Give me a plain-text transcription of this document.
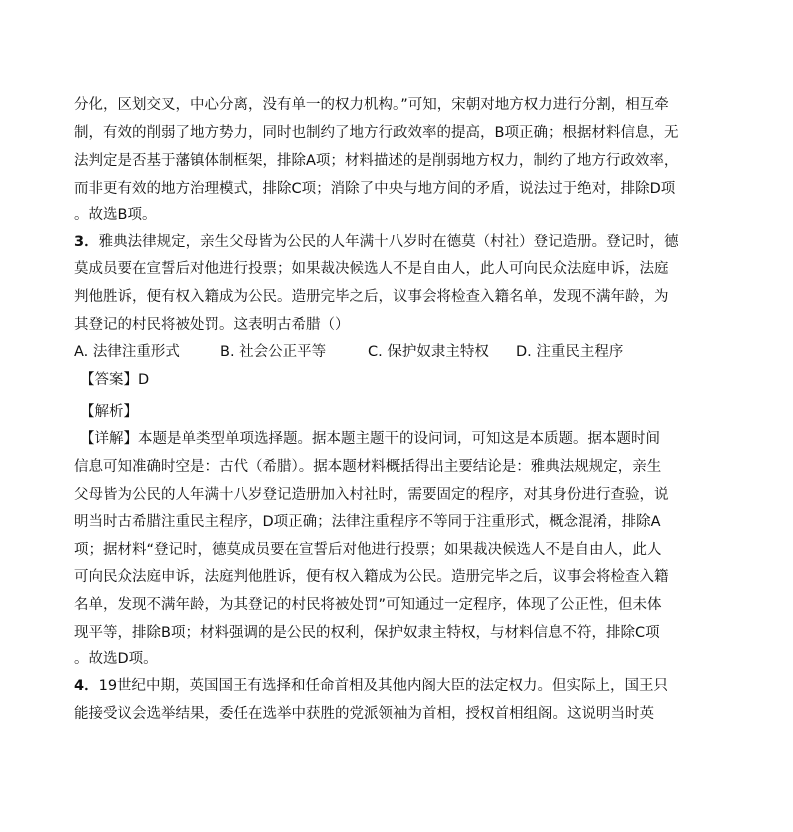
分化，区划交叉，中心分离，没有单一的权力机构。”可知，宋朝对地方权力进行分割，相互牵
制，有效的削弱了地方势力，同时也制约了地方行政效率的提高，B项正确；根据材料信息，无
法判定是否基于藩镇体制框架，排除A项；材料描述的是削弱地方权力，制约了地方行政效率，
而非更有效的地方治理模式，排除C项；消除了中央与地方间的矛盾，说法过于绝对，排除D项
。故选B项。
3．雅典法律规定，亲生父母皆为公民的人年满十八岁时在德莫（村社）登记造册。登记时，德
莫成员要在宣誓后对他进行投票；如果裁决候选人不是自由人，此人可向民众法庭申诉，法庭
判他胜诉，便有权入籍成为公民。造册完毕之后，议事会将检查入籍名单，发现不满年龄，为
其登记的村民将被处罚。这表明古希腊（）
A. 法律注重形式	B. 社会公正平等	C. 保护奴隶主特权 D. 注重民主程序
【答案】D
【解析】
【详解】本题是单类型单项选择题。据本题主题干的设问词，可知这是本质题。据本题时间
信息可知准确时空是：古代（希腊）。据本题材料概括得出主要结论是：雅典法规规定，亲生
父母皆为公民的人年满十八岁登记造册加入村社时，需要固定的程序，对其身份进行查验，说
明当时古希腊注重民主程序，D项正确；法律注重程序不等同于注重形式，概念混淆，排除A
项；据材料“登记时，德莫成员要在宣誓后对他进行投票；如果裁决候选人不是自由人，此人
可向民众法庭申诉，法庭判他胜诉，便有权入籍成为公民。造册完毕之后，议事会将检查入籍
名单，发现不满年龄，为其登记的村民将被处罚”可知通过一定程序，体现了公正性，但未体
现平等，排除B项；材料强调的是公民的权利，保护奴隶主特权，与材料信息不符，排除C项
。故选D项。
4．19世纪中期，英国国王有选择和任命首相及其他内阁大臣的法定权力。但实际上，国王只
能接受议会选举结果，委任在选举中获胜的党派领袖为首相，授权首相组阁。这说明当时英
